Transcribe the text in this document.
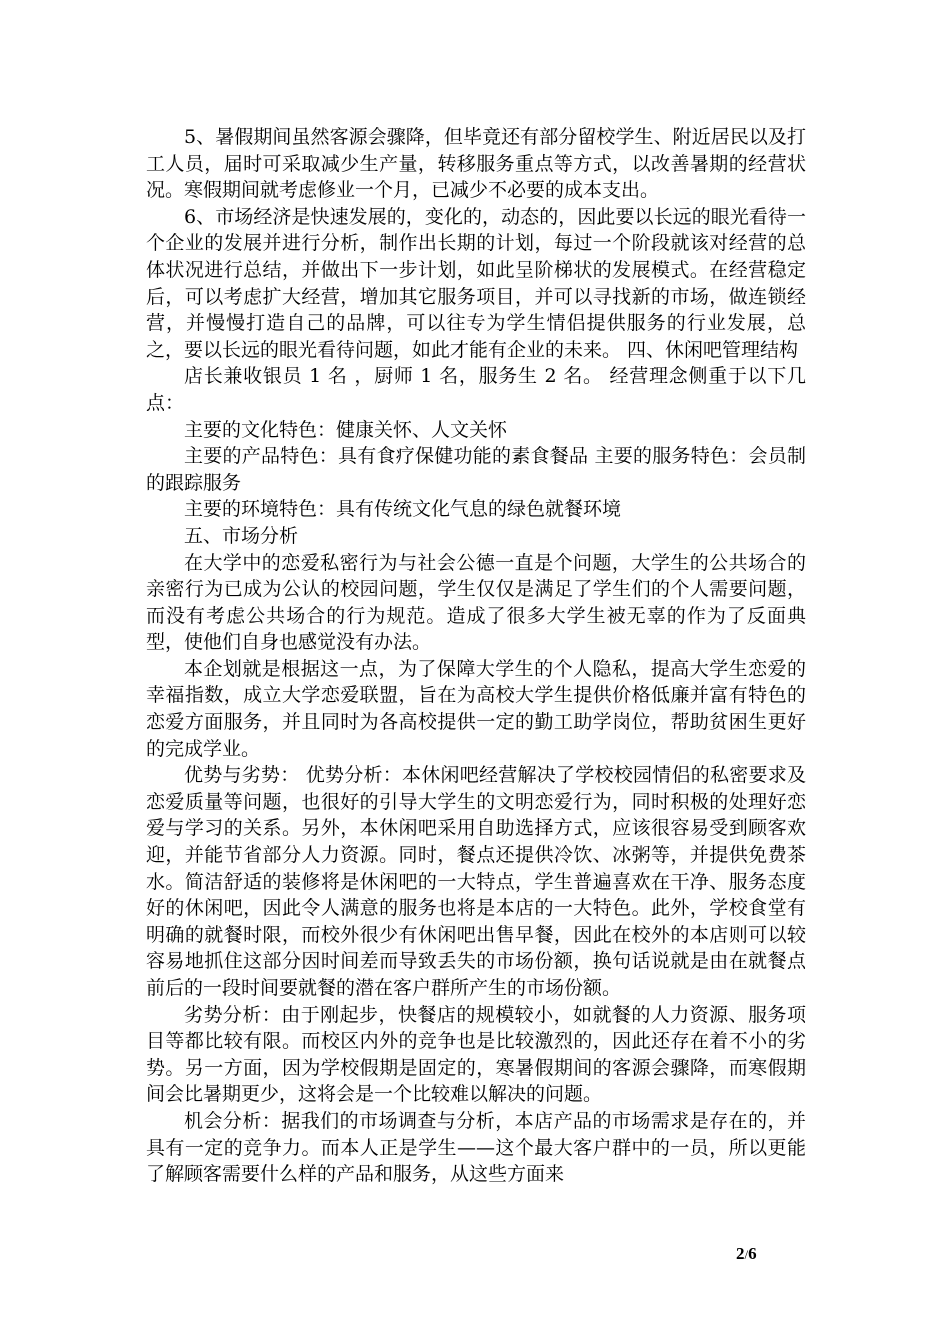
5、暑假期间虽然客源会骤降，但毕竟还有部分留校学生、附近居民以及打工人员，届时可采取减少生产量，转移服务重点等方式，以改善暑期的经营状况。寒假期间就考虑修业一个月，已减少不必要的成本支出。

6、市场经济是快速发展的，变化的，动态的，因此要以长远的眼光看待一个企业的发展并进行分析，制作出长期的计划，每过一个阶段就该对经营的总体状况进行总结，并做出下一步计划，如此呈阶梯状的发展模式。在经营稳定后，可以考虑扩大经营，增加其它服务项目，并可以寻找新的市场，做连锁经营，并慢慢打造自己的品牌，可以往专为学生情侣提供服务的行业发展，总之，要以长远的眼光看待问题，如此才能有企业的未来。 四、休闲吧管理结构

店长兼收银员 1 名 ，厨师 1 名，服务生 2 名。 经营理念侧重于以下几点：

主要的文化特色：健康关怀、人文关怀

主要的产品特色：具有食疗保健功能的素食餐品 主要的服务特色：会员制的跟踪服务

主要的环境特色：具有传统文化气息的绿色就餐环境

五、市场分析

在大学中的恋爱私密行为与社会公德一直是个问题，大学生的公共场合的亲密行为已成为公认的校园问题，学生仅仅是满足了学生们的个人需要问题，而没有考虑公共场合的行为规范。造成了很多大学生被无辜的作为了反面典型，使他们自身也感觉没有办法。

本企划就是根据这一点，为了保障大学生的个人隐私，提高大学生恋爱的幸福指数，成立大学恋爱联盟，旨在为高校大学生提供价格低廉并富有特色的恋爱方面服务，并且同时为各高校提供一定的勤工助学岗位，帮助贫困生更好的完成学业。

优势与劣势： 优势分析：本休闲吧经营解决了学校校园情侣的私密要求及恋爱质量等问题，也很好的引导大学生的文明恋爱行为，同时积极的处理好恋爱与学习的关系。另外，本休闲吧采用自助选择方式，应该很容易受到顾客欢迎，并能节省部分人力资源。同时，餐点还提供冷饮、冰粥等，并提供免费茶水。简洁舒适的装修将是休闲吧的一大特点，学生普遍喜欢在干净、服务态度好的休闲吧，因此令人满意的服务也将是本店的一大特色。此外，学校食堂有明确的就餐时限，而校外很少有休闲吧出售早餐，因此在校外的本店则可以较容易地抓住这部分因时间差而导致丢失的市场份额，换句话说就是由在就餐点前后的一段时间要就餐的潜在客户群所产生的市场份额。

劣势分析：由于刚起步，快餐店的规模较小，如就餐的人力资源、服务项目等都比较有限。而校区内外的竞争也是比较激烈的，因此还存在着不小的劣势。另一方面，因为学校假期是固定的，寒暑假期间的客源会骤降，而寒假期间会比暑期更少，这将会是一个比较难以解决的问题。

机会分析：据我们的市场调查与分析，本店产品的市场需求是存在的，并具有一定的竞争力。而本人正是学生——这个最大客户群中的一员，所以更能了解顾客需要什么样的产品和服务，从这些方面来

2/6
